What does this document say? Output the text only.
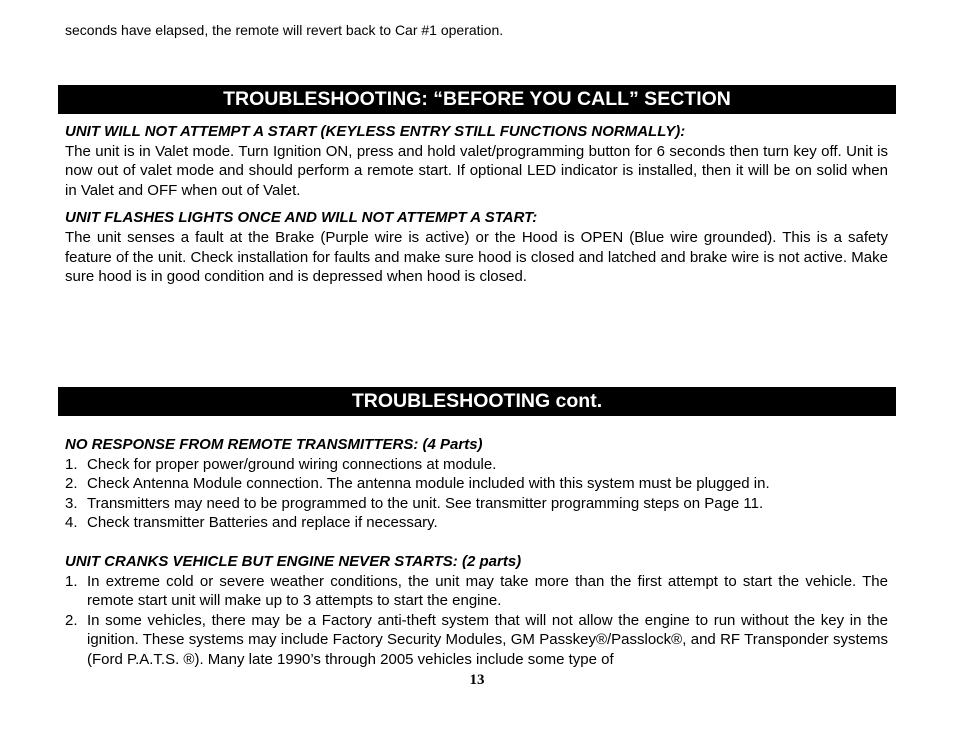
seconds have elapsed, the remote will revert back to Car #1 operation.
TROUBLESHOOTING: “BEFORE YOU CALL” SECTION
UNIT WILL NOT ATTEMPT A START (KEYLESS ENTRY STILL FUNCTIONS NORMALLY):
The unit is in Valet mode. Turn Ignition ON, press and hold valet/programming button for 6 seconds then turn key off. Unit is now out of valet mode and should perform a remote start. If optional LED indicator is installed, then it will be on solid when in Valet and OFF when out of Valet.
UNIT FLASHES LIGHTS ONCE AND WILL NOT ATTEMPT A START:
The unit senses a fault at the Brake (Purple wire is active) or the Hood is OPEN (Blue wire grounded). This is a safety feature of the unit. Check installation for faults and make sure hood is closed and latched and brake wire is not active. Make sure hood is in good condition and is depressed when hood is closed.
TROUBLESHOOTING cont.
NO RESPONSE FROM REMOTE TRANSMITTERS: (4 Parts)
1. Check for proper power/ground wiring connections at module.
2. Check Antenna Module connection. The antenna module included with this system must be plugged in.
3. Transmitters may need to be programmed to the unit. See transmitter programming steps on Page 11.
4. Check transmitter Batteries and replace if necessary.
UNIT CRANKS VEHICLE BUT ENGINE NEVER STARTS: (2 parts)
1. In extreme cold or severe weather conditions, the unit may take more than the first attempt to start the vehicle. The remote start unit will make up to 3 attempts to start the engine.
2. In some vehicles, there may be a Factory anti-theft system that will not allow the engine to run without the key in the ignition. These systems may include Factory Security Modules, GM Passkey®/Passlock®, and RF Transponder systems (Ford P.A.T.S. ®). Many late 1990’s through 2005 vehicles include some type of
13
